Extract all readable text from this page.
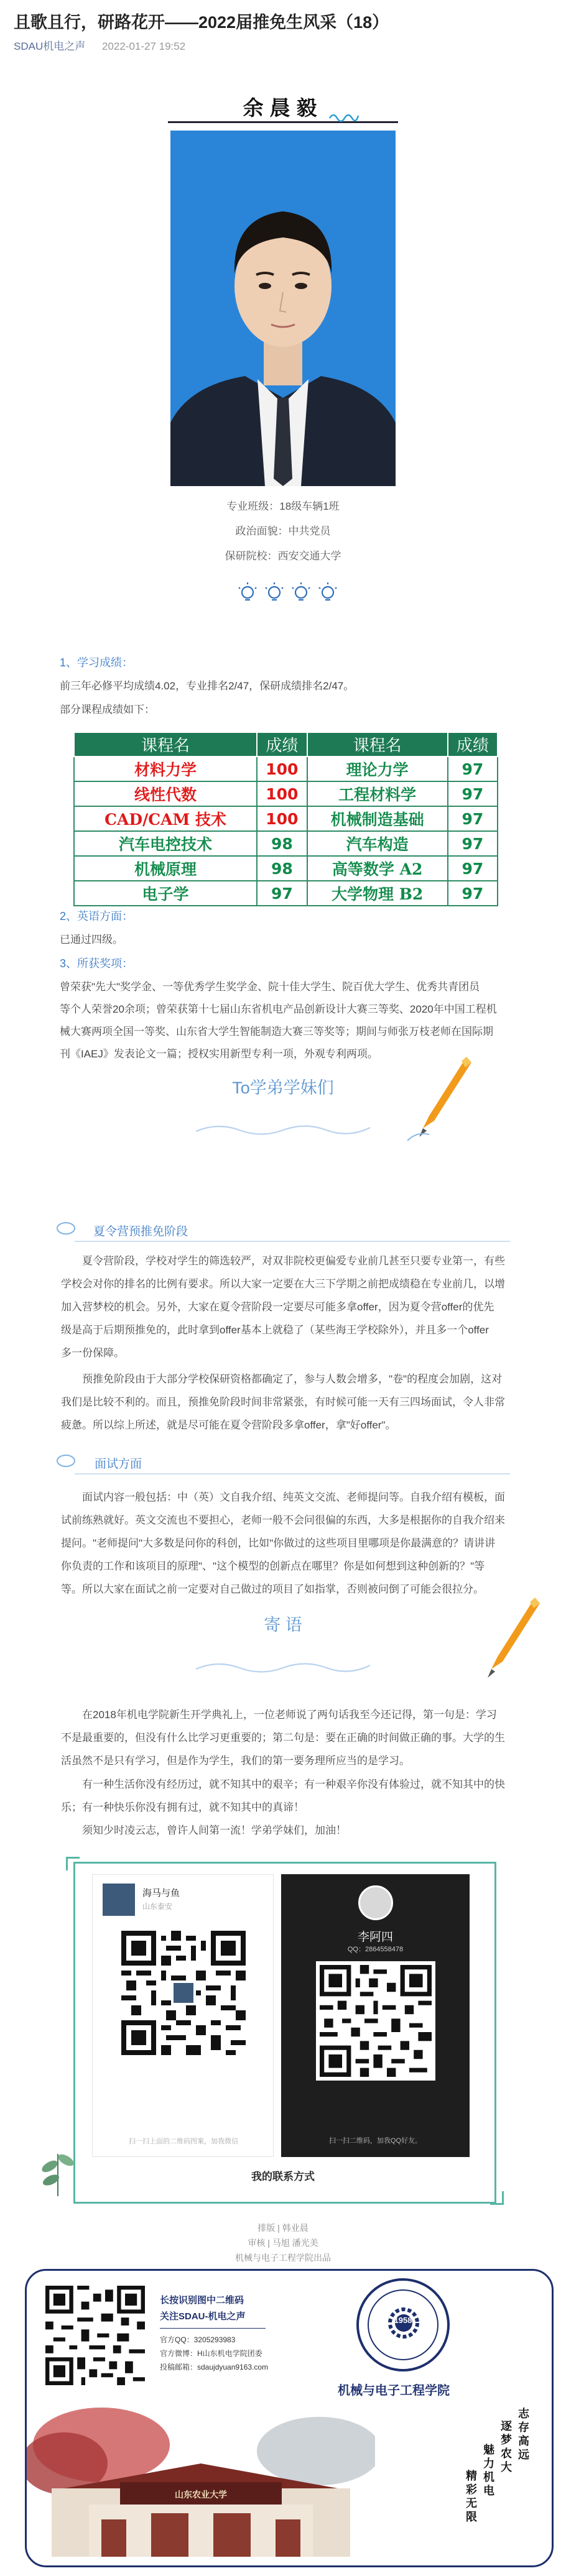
且歌且行，研路花开——2022届推免生风采（18）
SDAU机电之声 2022-01-27 19:52
余晨毅
专业班级：18级车辆1班
政治面貌：中共党员
保研院校：西安交通大学
1、学习成绩：
前三年必修平均成绩4.02，专业排名2/47，保研成绩排名2/47。
部分课程成绩如下：
课程名	成绩	课程名	成绩
材料力学	100	理论力学	97
线性代数	100	工程材料学	97
CAD/CAM 技术	100	机械制造基础	97
汽车电控技术	98	汽车构造	97
机械原理	98	高等数学 A2	97
电子学	97	大学物理 B2	97
2、英语方面：
已通过四级。
3、所获奖项：
曾荣获"先大"奖学金、一等优秀学生奖学金、院十佳大学生、院百优大学生、优秀共青团员
等个人荣誉20余项；曾荣获第十七届山东省机电产品创新设计大赛三等奖、2020年中国工程机
械大赛两项全国一等奖、山东省大学生智能制造大赛三等奖等；期间与师张万枝老师在国际期
刊《IAEJ》发表论文一篇；授权实用新型专利一项，外观专利两项。
To学弟学妹们
夏令营预推免阶段
夏令营阶段，学校对学生的筛选较严，对双非院校更偏爱专业前几甚至只要专业第一，有些
学校会对你的排名的比例有要求。所以大家一定要在大三下学期之前把成绩稳在专业前几，以增
加入营梦校的机会。另外，大家在夏令营阶段一定要尽可能多拿offer，因为夏令营offer的优先
级是高于后期预推免的，此时拿到offer基本上就稳了（某些海王学校除外），并且多一个offer
多一份保障。
预推免阶段由于大部分学校保研资格都确定了，参与人数会增多，"卷"的程度会加剧，这对
我们是比较不利的。而且，预推免阶段时间非常紧张，有时候可能一天有三四场面试，令人非常
疲惫。所以综上所述，就是尽可能在夏令营阶段多拿offer，拿"好offer"。
面试方面
面试内容一般包括：中（英）文自我介绍、纯英文交流、老师提问等。自我介绍有模板，面
试前练熟就好。英文交流也不要担心，老师一般不会问很偏的东西，大多是根据你的自我介绍来
提问。"老师提问"大多数是问你的科创，比如"你做过的这些项目里哪项是你最满意的？请讲讲
你负责的工作和该项目的原理"、"这个模型的创新点在哪里？你是如何想到这种创新的？"等
等。所以大家在面试之前一定要对自己做过的项目了如指掌，否则被问倒了可能会很拉分。
寄 语
在2018年机电学院新生开学典礼上，一位老师说了两句话我至今还记得，第一句是：学习
不是最重要的，但没有什么比学习更重要的；第二句是：要在正确的时间做正确的事。大学的生
活虽然不是只有学习，但是作为学生，我们的第一要务理所应当的是学习。
有一种生活你没有经历过，就不知其中的艰辛；有一种艰辛你没有体验过，就不知其中的快
乐；有一种快乐你没有拥有过，就不知其中的真谛！
须知少时凌云志，曾许人间第一流！学弟学妹们，加油！
海马与鱼
山东泰安
扫一扫上面的二维码图案，加我微信
李阿四
QQ：2864558478
扫一扫二维码，加我QQ好友。
我的联系方式
排版 | 韩业晨
审核 | 马旭 潘光美
机械与电子工程学院出品
长按识别图中二维码
关注SDAU-机电之声
官方QQ：3205293983
官方微博：H山东机电学院团委
投稿邮箱：sdaujdyuan9163.com
1958
机械与电子工程学院
志存高远
逐梦农大
魅力机电
精彩无限
山东农业大学
